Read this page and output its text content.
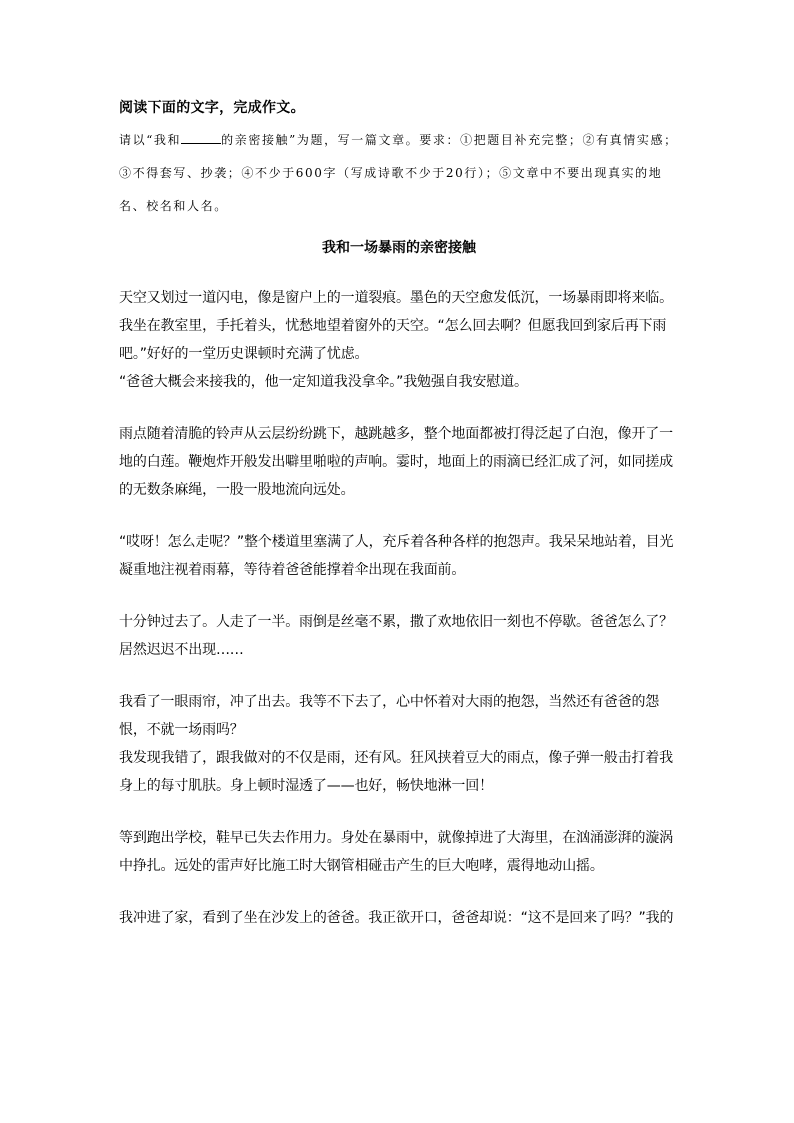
阅读下面的文字，完成作文。

请以“我和	的亲密接触”为题，写一篇文章。要求：①把题目补充完整；②有真情实感；③不得套写、抄袭；④不少于600字（写成诗歌不少于20行）；⑤文章中不要出现真实的地名、校名和人名。

我和一场暴雨的亲密接触

天空又划过一道闪电，像是窗户上的一道裂痕。墨色的天空愈发低沉，一场暴雨即将来临。我坐在教室里，手托着头，忧愁地望着窗外的天空。“怎么回去啊？但愿我回到家后再下雨吧。”好好的一堂历史课顿时充满了忧虑。

“爸爸大概会来接我的，他一定知道我没拿伞。”我勉强自我安慰道。

雨点随着清脆的铃声从云层纷纷跳下，越跳越多，整个地面都被打得泛起了白泡，像开了一地的白莲。鞭炮炸开般发出噼里啪啦的声响。霎时，地面上的雨滴已经汇成了河，如同搓成的无数条麻绳，一股一股地流向远处。

“哎呀！怎么走呢？”整个楼道里塞满了人，充斥着各种各样的抱怨声。我呆呆地站着，目光凝重地注视着雨幕，等待着爸爸能撑着伞出现在我面前。

十分钟过去了。人走了一半。雨倒是丝毫不累，撒了欢地依旧一刻也不停歇。爸爸怎么了？居然迟迟不出现……

我看了一眼雨帘，冲了出去。我等不下去了，心中怀着对大雨的抱怨，当然还有爸爸的怨恨，不就一场雨吗？

我发现我错了，跟我做对的不仅是雨，还有风。狂风挟着豆大的雨点，像子弹一般击打着我身上的每寸肌肤。身上顿时湿透了——也好，畅快地淋一回！

等到跑出学校，鞋早已失去作用力。身处在暴雨中，就像掉进了大海里，在汹涌澎湃的漩涡中挣扎。远处的雷声好比施工时大钢管相碰击产生的巨大咆哮，震得地动山摇。

我冲进了家，看到了坐在沙发上的爸爸。我正欲开口，爸爸却说：“这不是回来了吗？”我的
